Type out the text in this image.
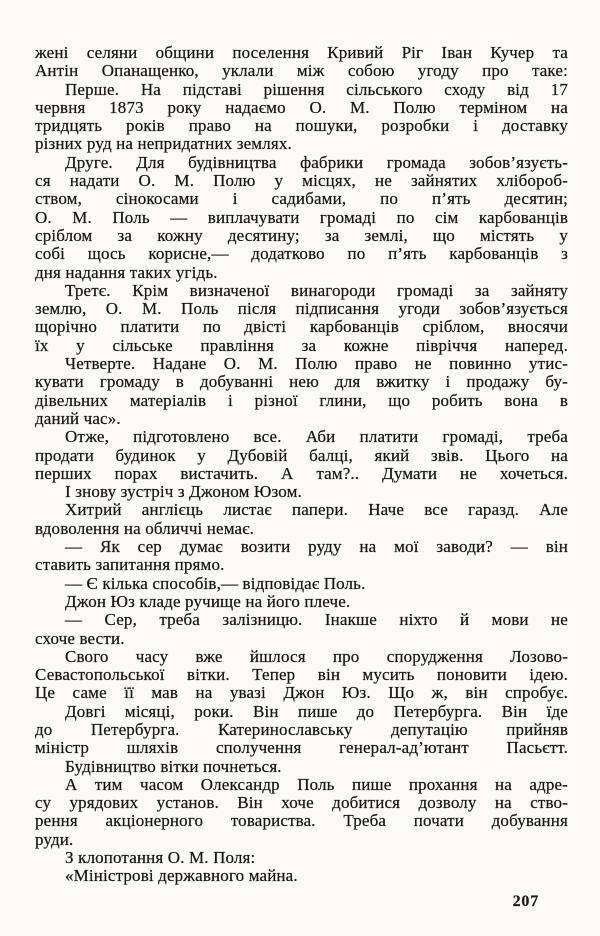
жені селяни общини поселення Кривий Ріг Іван Кучер та
Антін Опанащенко, уклали між собою угоду про таке:

Перше. На підставі рішення сільського сходу від 17
червня 1873 року надаємо О. М. Полю терміном на
тридцять років право на пошуки, розробки і доставку
різних руд на непридатних землях.

Друге. Для будівництва фабрики громада зобов’язуєть-
ся надати О. М. Полю у місцях, не зайнятих хлібороб-
ством, сінокосами і садибами, по п’ять десятин;
О. М. Поль — виплачувати громаді по сім карбованців
сріблом за кожну десятину; за землі, що містять у
собі щось корисне,— додатково по п’ять карбованців з
дня надання таких угідь.

Третє. Крім визначеної винагороди громаді за зайняту
землю, О. М. Поль після підписання угоди зобов’язується
щорічно платити по двісті карбованців сріблом, вносячи
їх у сільське правління за кожне півріччя наперед.

Четверте. Надане О. М. Полю право не повинно утис-
кувати громаду в добуванні нею для вжитку і продажу бу-
дівельних матеріалів і різної глини, що робить вона в
даний час».

Отже, підготовлено все. Аби платити громаді, треба
продати будинок у Дубовій балці, який звів. Цього на
перших порах вистачить. А там?.. Думати не хочеться.

І знову зустріч з Джоном Юзом.

Хитрий англієць листає папери. Наче все гаразд. Але
вдоволення на обличчі немає.

— Як сер думає возити руду на мої заводи? — він
ставить запитання прямо.

— Є кілька способів,— відповідає Поль.

Джон Юз кладе ручище на його плече.

— Сер, треба залізницю. Інакше ніхто й мови не
схоче вести.

Свого часу вже йшлося про спорудження Лозово-
Севастопольської вітки. Тепер він мусить поновити ідею.
Це саме її мав на увазі Джон Юз. Що ж, він спробує.

Довгі місяці, роки. Він пише до Петербурга. Він їде
до Петербурга. Катеринославську депутацію прийняв
міністр шляхів сполучення генерал-ад’ютант Пасьєтт.

Будівництво вітки почнеться.

А тим часом Олександр Поль пише прохання на адре-
су урядових установ. Він хоче добитися дозволу на ство-
рення акціонерного товариства. Треба почати добування
руди.

З клопотання О. М. Поля:

«Міністрові державного майна.

207
